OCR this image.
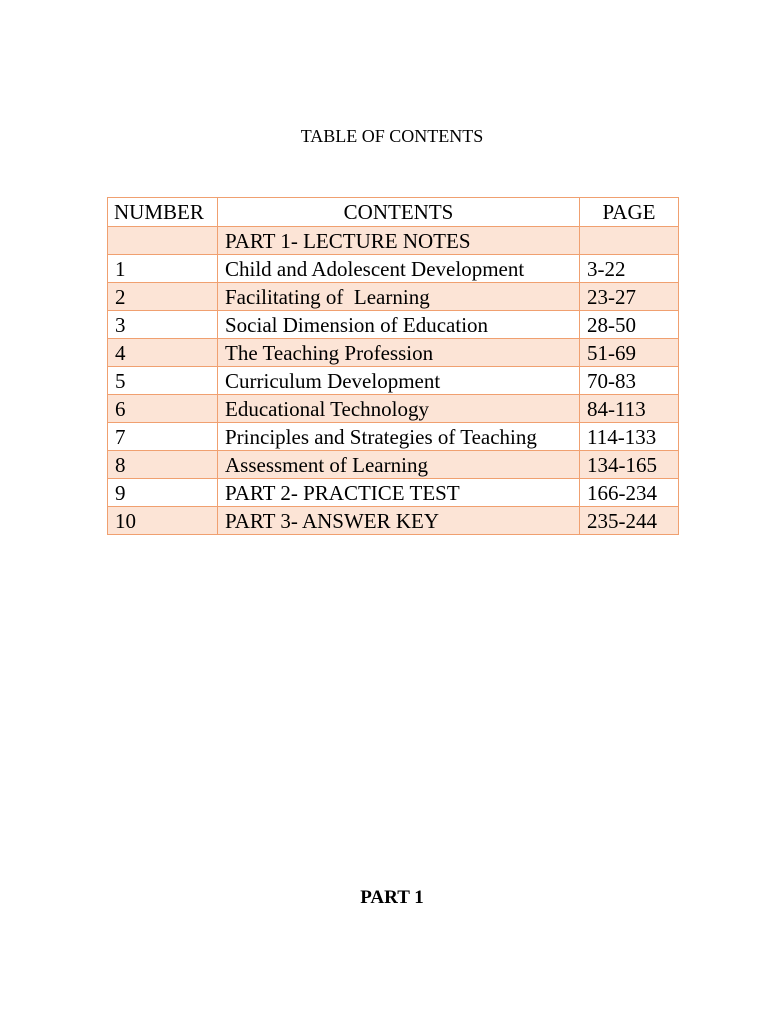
TABLE OF CONTENTS
NUMBER	CONTENTS	PAGE
	PART 1- LECTURE NOTES	
1	Child and Adolescent Development	3-22
2	Facilitating of  Learning	23-27
3	Social Dimension of Education	28-50
4	The Teaching Profession	51-69
5	Curriculum Development	70-83
6	Educational Technology	84-113
7	Principles and Strategies of Teaching	114-133
8	Assessment of Learning	134-165
9	PART 2- PRACTICE TEST	166-234
10	PART 3- ANSWER KEY	235-244
PART 1
